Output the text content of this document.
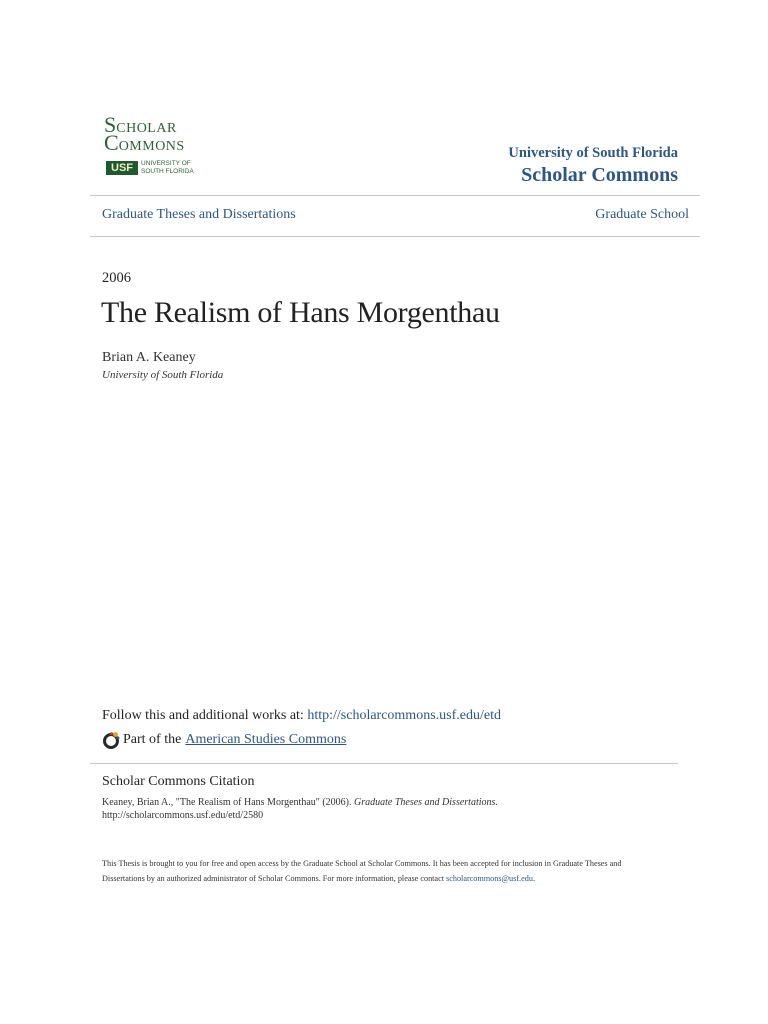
SCHOLAR
COMMONS
USF	UNIVERSITY OF
SOUTH FLORIDA
University of South Florida
Scholar Commons
Graduate Theses and Dissertations	Graduate School
2006
The Realism of Hans Morgenthau
Brian A. Keaney
University of South Florida
Follow this and additional works at: http://scholarcommons.usf.edu/etd
Part of the American Studies Commons
Scholar Commons Citation
Keaney, Brian A., "The Realism of Hans Morgenthau" (2006). Graduate Theses and Dissertations.
http://scholarcommons.usf.edu/etd/2580
This Thesis is brought to you for free and open access by the Graduate School at Scholar Commons. It has been accepted for inclusion in Graduate Theses and Dissertations by an authorized administrator of Scholar Commons. For more information, please contact scholarcommons@usf.edu.
